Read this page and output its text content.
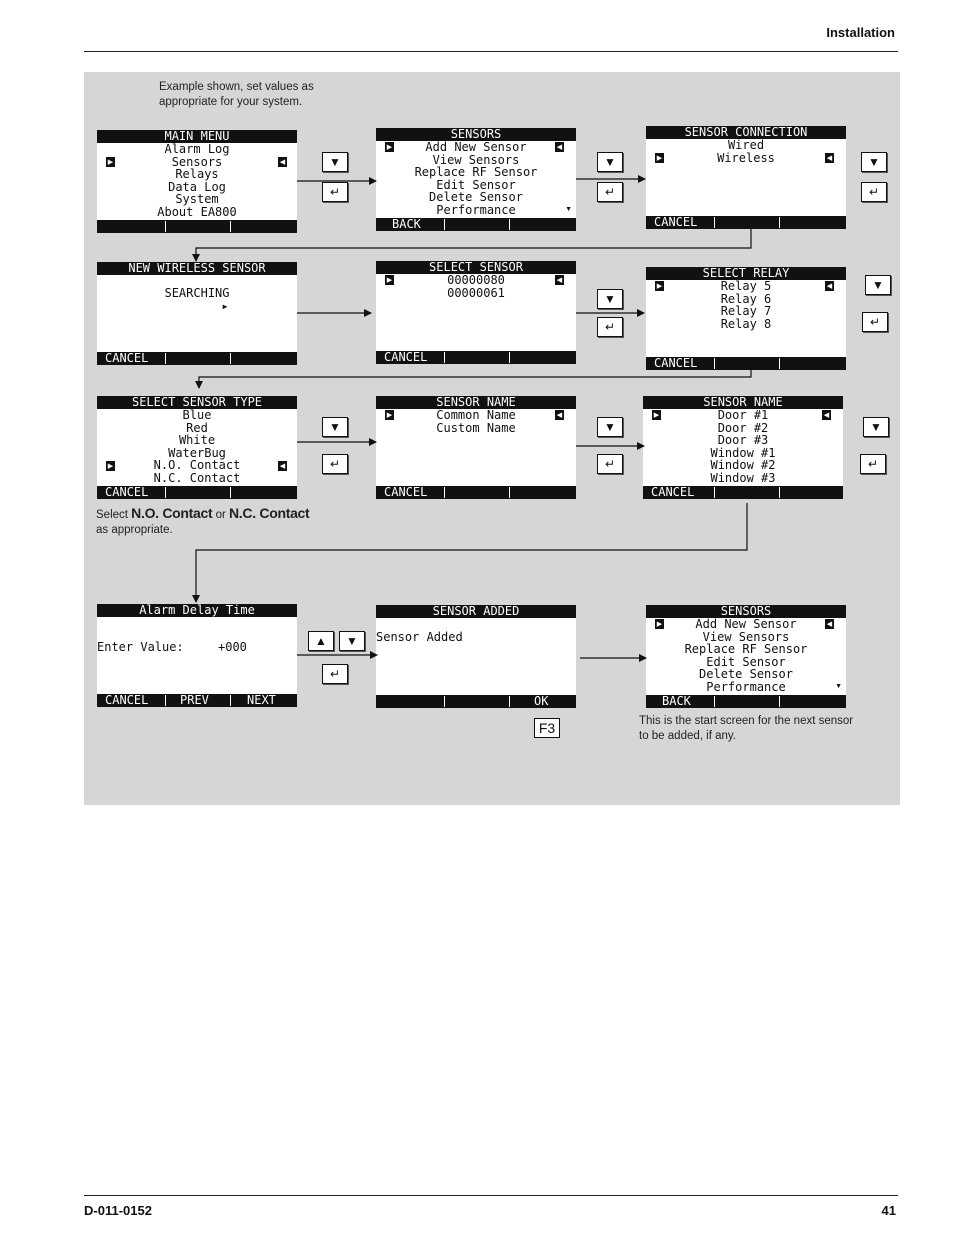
Installation
Example shown, set values as appropriate for your system.
MAIN MENU
Alarm Log
Sensors
Relays
Data Log
System
About EA800
▶	◀
SENSORS
Add New Sensor
View Sensors
Replace RF Sensor
Edit Sensor
Delete Sensor
Performance
▶	◀
▼
BACK
SENSOR CONNECTION
Wired
Wireless
▶	◀
CANCEL
NEW WIRELESS SENSOR
SEARCHING
▸
CANCEL
SELECT SENSOR
00000080
00000061
▶	◀
CANCEL
SELECT RELAY
Relay 5
Relay 6
Relay 7
Relay 8
▶	◀
CANCEL
SELECT SENSOR TYPE
Blue
Red
White
WaterBug
N.O. Contact
N.C. Contact
▶	◀
CANCEL
SENSOR NAME
Common Name
Custom Name
▶	◀
CANCEL
SENSOR NAME
Door #1
Door #2
Door #3
Window #1
Window #2
Window #3
▶	◀
CANCEL
Select N.O. Contact or N.C. Contact
as appropriate.
Alarm Delay Time
Enter Value:	+000
CANCEL	PREV	NEXT
SENSOR ADDED
Sensor Added
OK
SENSORS
Add New Sensor
View Sensors
Replace RF Sensor
Edit Sensor
Delete Sensor
Performance
▶	◀
▼
BACK
This is the start screen for the next sensor to be added, if any.
▼
↵
▼
↵
▼
↵
▼
↵
▼
↵
▼
↵
▼
↵
▼
↵
▲	▼
↵
F3
D-011-0152	41
